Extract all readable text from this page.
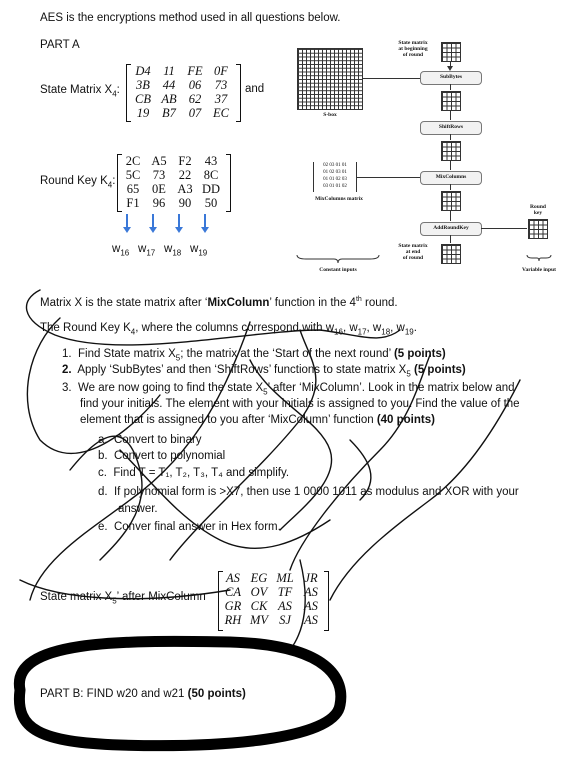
AES is the encryptions method used in all questions below.
PART A
State Matrix $X_4$:
D4	11	FE 0F
3B	44	06	73
CB AB 62	37
19	B7	07 EC
and
Round Key $K_4$:
2C A5 F2	43
5C 73	22 8C
65	0E A3 DD
F1	96	90	50
$w_{16}$ $w_{17}$ $w_{18}$ $w_{19}$
State matrix
at beginning
of round
S-box
SubBytes
ShiftRows
02 03 01 01
01 02 03 01
01 01 02 03
03 01 01 02
MixColumns matrix
MixColumns
AddRoundKey
Round
key
State matrix
at end
of round
Constant inputs	Variable input
Matrix X is the state matrix after ‘MixColumn’ function in the 4th round.
The Round Key $K_4$, where the columns correspond with $w_{16}$, $w_{17}$, $w_{18}$, $w_{19}$.
1. Find State matrix $X_5$; the matrix at the ‘Start of the next round’ (5 points)
2. Apply ‘SubBytes’ and then ‘ShiftRows’ functions to state matrix $X_5$ (5 points)
3. We are now going to find the state $X_5$’ after ‘MixColumn’. Look in the matrix below and
find your initials. The element with your initials is assigned to you. Find the value of the
element that is assigned to you after ‘MixColumn’ function (40 points)
a. Convert to binary
b. Convert to polynomial
c. Find T = T₁, T₂, T₃, T₄ and simplify.
d. If polynomial form is >X7, then use 1 0000 1011 as modulus and XOR with your
answer.
e. Conver final answer in Hex form.
State matrix $X_5$’ after MixColumn
AS EG ML JR
CA OV TF AS
GR CK AS AS
RH MV SJ	AS
PART B: FIND w20 and w21 (50 points)
